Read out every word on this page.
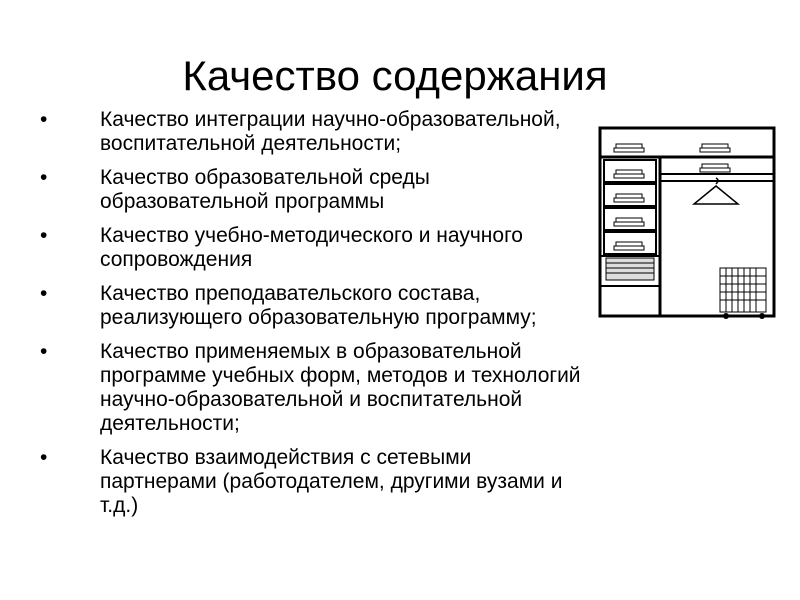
Качество содержания
•	Качество интеграции научно-образовательной, воспитательной деятельности;
•	Качество образовательной среды образовательной программы
•	Качество учебно-методического и научного сопровождения
•	Качество преподавательского состава, реализующего образовательную программу;
•	Качество применяемых в образовательной программе учебных форм, методов и технологий научно-образовательной и воспитательной деятельности;
•	Качество взаимодействия с сетевыми партнерами (работодателем, другими вузами и т.д.)
